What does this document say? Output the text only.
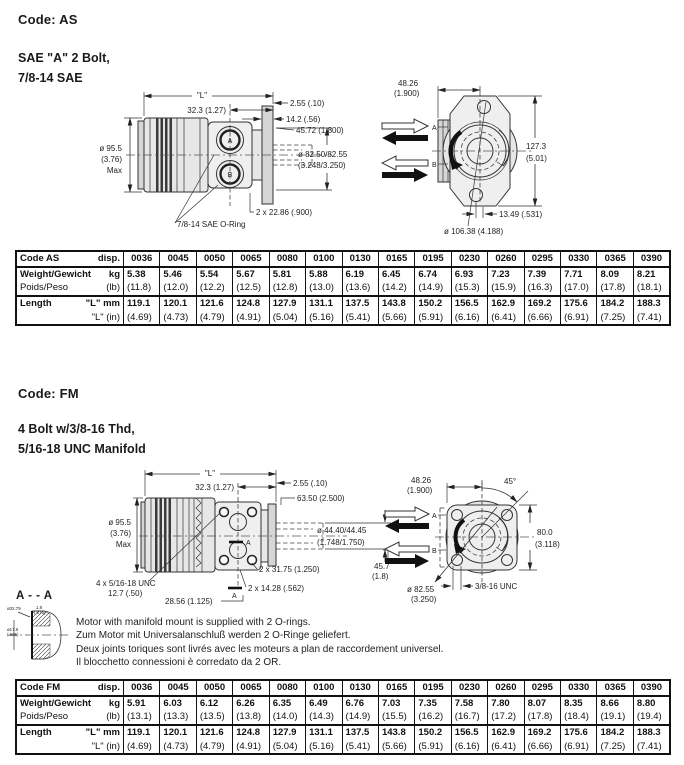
Code: AS
SAE "A" 2 Bolt,
7/8-14 SAE
"L"
32.3 (1.27)
2.55 (.10)
14.2 (.56)
45.72 (1.800)
ø 82.50/82.55
(3.248/3.250)
ø 95.5
(3.76)
Max
2 x 22.86 (.900)
7/8-14 SAE O-Ring
A
B
A
B
48.26
(1.900)
127.3
(5.01)
13.49 (.531)
ø 106.38 (4.188)
Code AS disp.	0036	0045	0050	0065	0080	0100	0130	0165	0195	0230	0260	0295	0330	0365	0390

Weight/Gewicht kg	5.38	5.46	5.54	5.67	5.81	5.88	6.19	6.45	6.74	6.93	7.23	7.39	7.71	8.09	8.21

Poids/Peso (lb)	(11.8)	(12.0)	(12.2)	(12.5)	(12.8)	(13.0)	(13.6)	(14.2)	(14.9)	(15.3)	(15.9)	(16.3)	(17.0)	(17.8)	(18.1)

Length "L" mm	119.1	120.1	121.6	124.8	127.9	131.1	137.5	143.8	150.2	156.5	162.9	169.2	175.6	184.2	188.3

"L" (in)	(4.69)	(4.73)	(4.79)	(4.91)	(5.04)	(5.16)	(5.41)	(5.66)	(5.91)	(6.16)	(6.41)	(6.66)	(6.91)	(7.25)	(7.41)
Code: FM
4 Bolt w/3/8-16 Thd,
5/16-18 UNC Manifold
"L"
32.3 (1.27)	2.55 (.10)
63.50 (2.500)
ø 95.5
(3.76)
Max
ø 44.40/44.45
(1.748/1.750)
45.7
(1.8)
2 x 31.75 (1.250)
2 x 14.28 (.562)
A
A
4 x 5/16-18 UNC
12.7 (.50)
28.56 (1.125)
A
B
45°
48.26
(1.900)
80.0
(3.118)
ø 82.55
(3.250)
3/8-16 UNC
A - - A
ø32.79	1.9
(.075)
ø17.6
(.695)
Motor with manifold mount is supplied with 2 O-rings.
Zum Motor mit Universalanschluß werden 2 O-Ringe geliefert.
Deux joints toriques sont livrés avec les moteurs a plan de raccordement universel.
Il blocchetto connessioni è corredato da 2 OR.
Code FM disp.	0036	0045	0050	0065	0080	0100	0130	0165	0195	0230	0260	0295	0330	0365	0390

Weight/Gewicht kg	5.91	6.03	6.12	6.26	6.35	6.49	6.76	7.03	7.35	7.58	7.80	8.07	8.35	8.66	8.80

Poids/Peso (lb)	(13.1)	(13.3)	(13.5)	(13.8)	(14.0)	(14.3)	(14.9)	(15.5)	(16.2)	(16.7)	(17.2)	(17.8)	(18.4)	(19.1)	(19.4)

Length "L" mm	119.1	120.1	121.6	124.8	127.9	131.1	137.5	143.8	150.2	156.5	162.9	169.2	175.6	184.2	188.3

"L" (in)	(4.69)	(4.73)	(4.79)	(4.91)	(5.04)	(5.16)	(5.41)	(5.66)	(5.91)	(6.16)	(6.41)	(6.66)	(6.91)	(7.25)	(7.41)
